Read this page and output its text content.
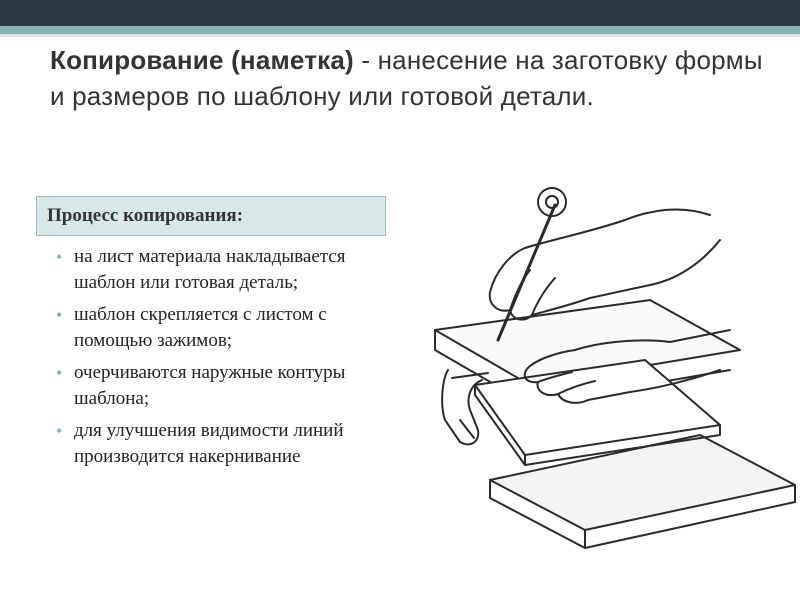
Копирование (наметка) - нанесение на заготовку формы и размеров по шаблону или готовой детали.
Процесс копирования:
• на лист материала накладывается шаблон или готовая деталь;
• шаблон скрепляется с листом с помощью зажимов;
• очерчиваются наружные контуры шаблона;
• для улучшения видимости линий производится накернивание
